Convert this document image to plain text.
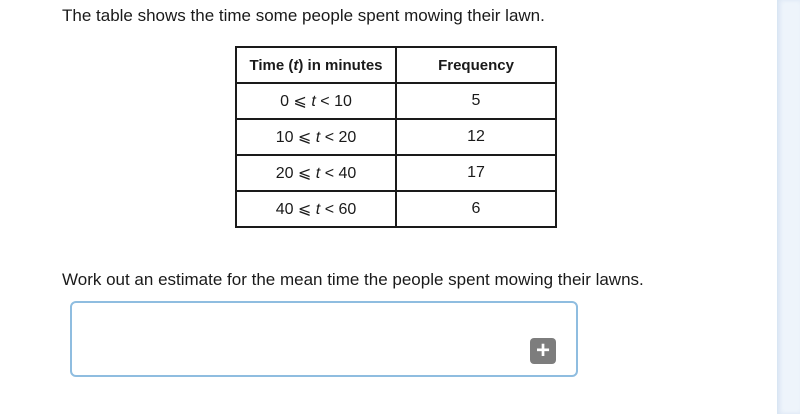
The table shows the time some people spent mowing their lawn.
Time (t) in minutes	Frequency
0 ⩽ t < 10	5
10 ⩽ t < 20	12
20 ⩽ t < 40	17
40 ⩽ t < 60	6
Work out an estimate for the mean time the people spent mowing their lawns.
+
